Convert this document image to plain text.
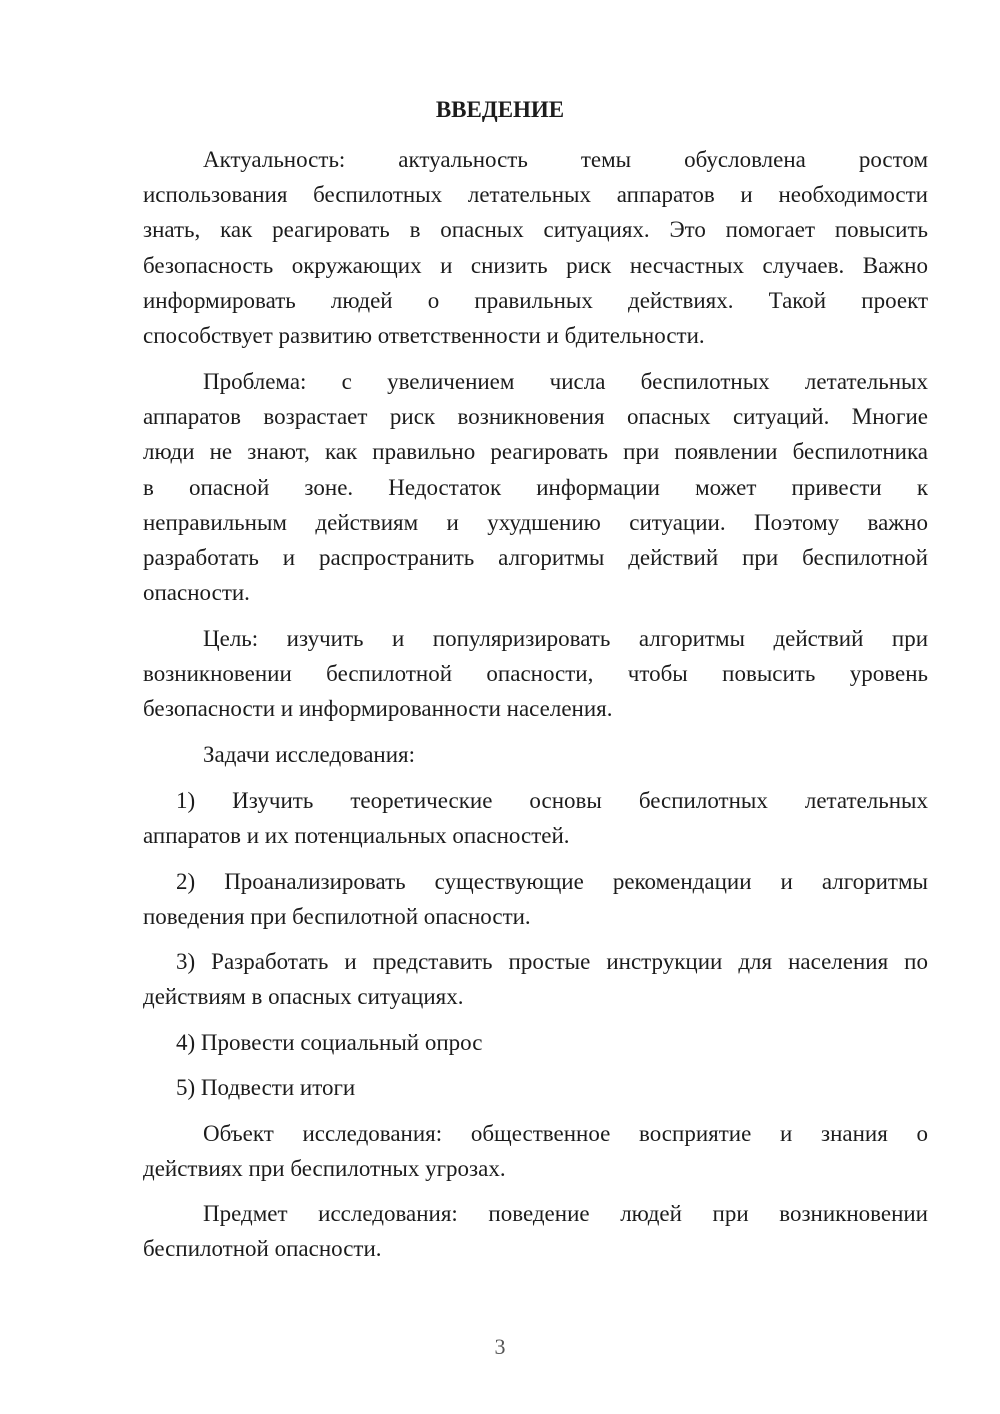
ВВЕДЕНИЕ
Актуальность: актуальность темы обусловлена ростом
использования беспилотных летательных аппаратов и необходимости
знать, как реагировать в опасных ситуациях. Это помогает повысить
безопасность окружающих и снизить риск несчастных случаев. Важно
информировать людей о правильных действиях. Такой проект
способствует развитию ответственности и бдительности.
Проблема: с увеличением числа беспилотных летательных
аппаратов возрастает риск возникновения опасных ситуаций. Многие
люди не знают, как правильно реагировать при появлении беспилотника
в опасной зоне. Недостаток информации может привести к
неправильным действиям и ухудшению ситуации. Поэтому важно
разработать и распространить алгоритмы действий при беспилотной
опасности.
Цель: изучить и популяризировать алгоритмы действий при
возникновении беспилотной опасности, чтобы повысить уровень
безопасности и информированности населения.
Задачи исследования:
1) Изучить теоретические основы беспилотных летательных
аппаратов и их потенциальных опасностей.
2) Проанализировать существующие рекомендации и алгоритмы
поведения при беспилотной опасности.
3) Разработать и представить простые инструкции для населения по
действиям в опасных ситуациях.
4) Провести социальный опрос
5) Подвести итоги
Объект исследования: общественное восприятие и знания о
действиях при беспилотных угрозах.
Предмет исследования: поведение людей при возникновении
беспилотной опасности.
3
